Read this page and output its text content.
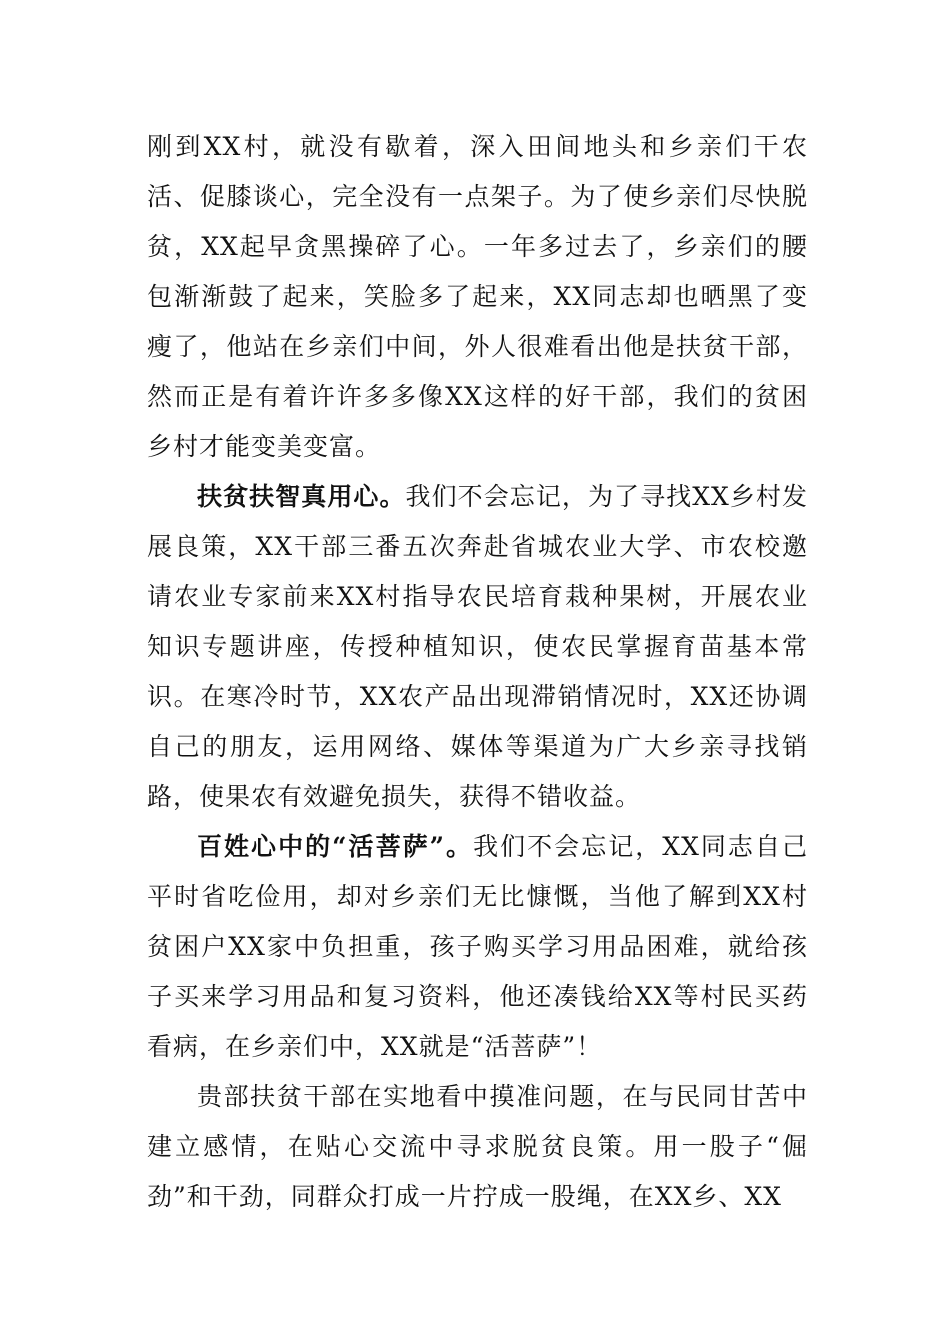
刚到XX村，就没有歇着，深入田间地头和乡亲们干农活、促膝谈心，完全没有一点架子。为了使乡亲们尽快脱贫，XX起早贪黑操碎了心。一年多过去了，乡亲们的腰包渐渐鼓了起来，笑脸多了起来，XX同志却也晒黑了变瘦了，他站在乡亲们中间，外人很难看出他是扶贫干部，然而正是有着许许多多像XX这样的好干部，我们的贫困乡村才能变美变富。

扶贫扶智真用心。我们不会忘记，为了寻找XX乡村发展良策，XX干部三番五次奔赴省城农业大学、市农校邀请农业专家前来XX村指导农民培育栽种果树，开展农业知识专题讲座，传授种植知识，使农民掌握育苗基本常识。在寒冷时节，XX农产品出现滞销情况时，XX还协调自己的朋友，运用网络、媒体等渠道为广大乡亲寻找销路，使果农有效避免损失，获得不错收益。

百姓心中的“活菩萨”。我们不会忘记，XX同志自己平时省吃俭用，却对乡亲们无比慷慨，当他了解到XX村贫困户XX家中负担重，孩子购买学习用品困难，就给孩子买来学习用品和复习资料，他还凑钱给XX等村民买药看病，在乡亲们中，XX就是“活菩萨”！

贵部扶贫干部在实地看中摸准问题，在与民同甘苦中建立感情，在贴心交流中寻求脱贫良策。用一股子“倔劲”和干劲，同群众打成一片拧成一股绳，在XX乡、XX
